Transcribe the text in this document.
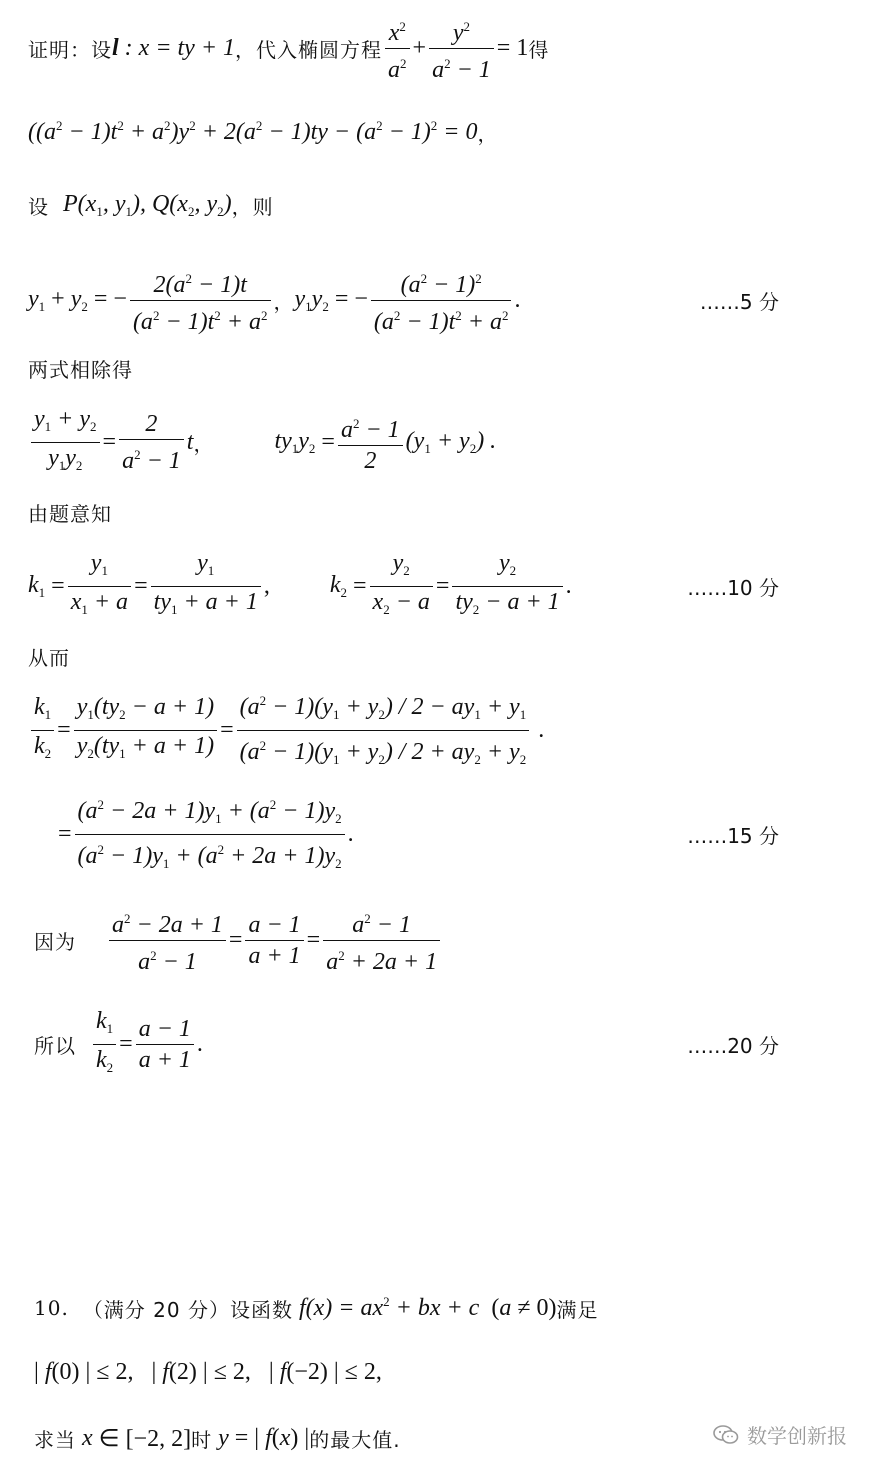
证明：设 l : x = ty + 1 ，代入椭圆方程 $\frac{x^2}{a^2} + \frac{y^2}{a^2 - 1} = 1$ 得
$((a^2 - 1)t^2 + a^2)y^2 + 2(a^2 - 1)ty - (a^2 - 1)^2 = 0$ ，
设 $P(x_1$, $y_1$), $Q(x_2$, $y_2$) ，则
$y_1 + y_2$ = − $\frac{2(a^2 - 1)t}{(a^2 - 1)t^2 + a^2}$ ， $y_1y_2$ = − $\frac{(a^2 - 1)^2}{(a^2 - 1)t^2 + a^2}$ .	……5 分
两式相除得
$\frac{y_1 + y_2}{y_1y_2} = \frac{2}{a^2 - 1}$ t ，	$ty_1y_2 = \frac{a^2 - 1}{2} (y_1 + y_2)$ .
由题意知
$k_1 = \frac{y_1}{x_1 + a} = \frac{y_1}{ty_1 + a + 1}$ ,	$k_2 = \frac{y_2}{x_2 - a} = \frac{y_2}{ty_2 - a + 1}$ .	……10 分
从而
$\frac{k_1}{k_2} = \frac{y_1(ty_2 - a + 1)}{y_2(ty_1 + a + 1)} = \frac{(a^2 - 1)(y_1 + y_2) / 2 - ay_1 + y_1}{(a^2 - 1)(y_1 + y_2) / 2 + ay_2 + y_2}$ .
= $\frac{(a^2 - 2a + 1)y_1 + (a^2 - 1)y_2}{(a^2 - 1)y_1 + (a^2 + 2a + 1)y_2}$ .	……15 分
因为 $\frac{a^2 - 2a + 1}{a^2 - 1} = \frac{a - 1}{a + 1} = \frac{a^2 - 1}{a^2 + 2a + 1}$
所以 $\frac{k_1}{k_2} = \frac{a - 1}{a + 1}$ .	……20 分
10. （满分 20 分） 设函数 $f(x) = ax^2$ + bx + c (a ≠ 0) 满足
| f(0) | ≤ 2,   | f(2) | ≤ 2,   | f(−2) | ≤ 2,
求当 x ∈ [−2, 2] 时 y = | f(x) | 的最大值.	数学创新报
